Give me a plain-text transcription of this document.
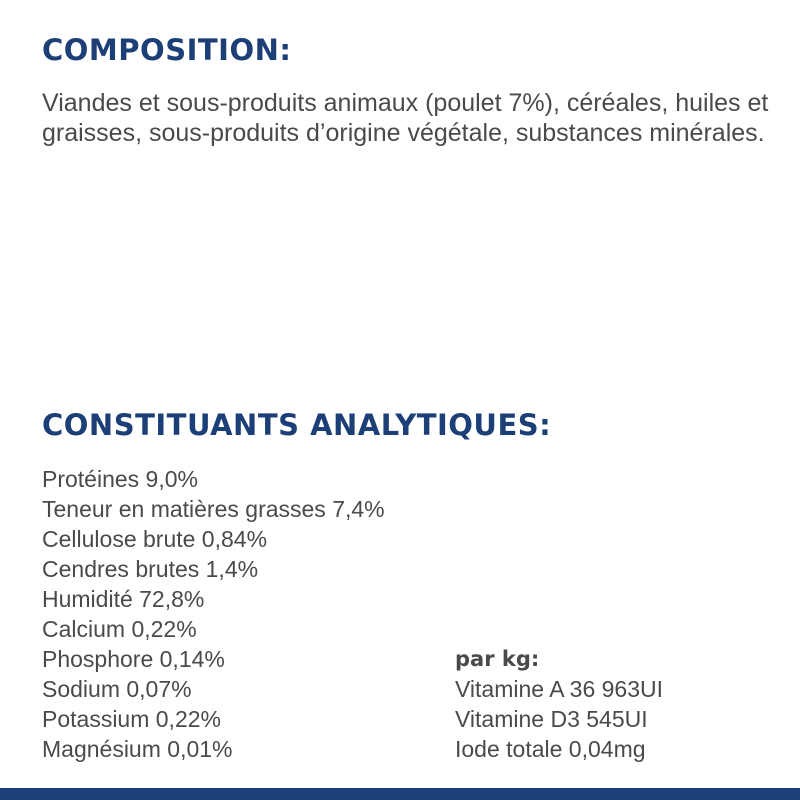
COMPOSITION:

Viandes et sous-produits animaux (poulet 7%), céréales, huiles et graisses, sous-produits d’origine végétale, substances minérales.

CONSTITUANTS ANALYTIQUES:
Protéines 9,0%
Teneur en matières grasses 7,4%
Cellulose brute 0,84%
Cendres brutes 1,4%
Humidité 72,8%
Calcium 0,22%
Phosphore 0,14%
Sodium 0,07%
Potassium 0,22%
Magnésium 0,01%

par kg:

Vitamine A 36 963UI
Vitamine D3 545UI
Iode totale 0,04mg
